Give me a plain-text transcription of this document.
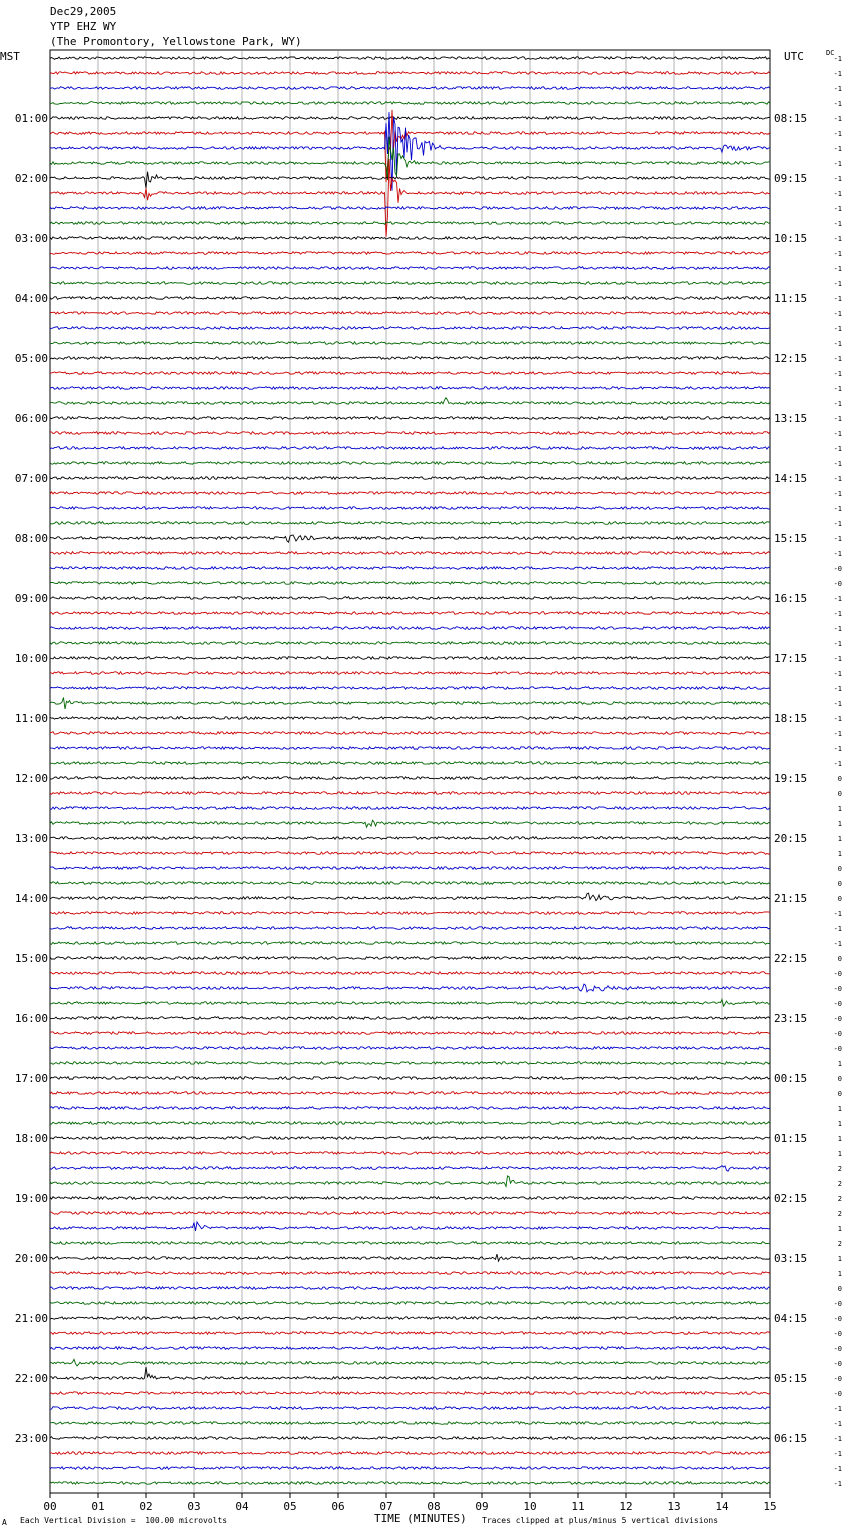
Dec29,2005
YTP EHZ WY
(The Promontory, Yellowstone Park, WY)
MST	UTC	DC
-1
-1
-1
-1
-1
-1
-1
-1
-1
-1
-1
-1
-1
-1
-1
-1
-1
-1
-1
-1
-1
-1
-1
-1
-1
-1
-1
-1
-1
-1
-1
-1
-1
-1
-0
-0
-1
-1
-1
-1
-1
-1
-1
-1
-1
-1
-1
-1
0
0
1
1
1
1
0
0
0
-1
-1
-1
0
-0
-0
-0
-0
-0
-0
1
0
0
1
1
1
1
2
2
2
2
1
2
1
1
0
-0
-0
-0
-0
-0
-0
-0
-1
-1
-1
-1
-1
-1
01:00	08:15
02:00	09:15
03:00	10:15
04:00	11:15
05:00	12:15
06:00	13:15
07:00	14:15
08:00	15:15
09:00	16:15
10:00	17:15
11:00	18:15
12:00	19:15
13:00	20:15
14:00	21:15
15:00	22:15
16:00	23:15
17:00	00:15
18:00	01:15
19:00	02:15
20:00	03:15
21:00	04:15
22:00	05:15
23:00	06:15
00	01	02	03	04	05	06	07	08	09	10	11	12	13	14	15
A Each Vertical Division =  100.00 microvolts	TIME (MINUTES) Traces clipped at plus/minus 5 vertical divisions
